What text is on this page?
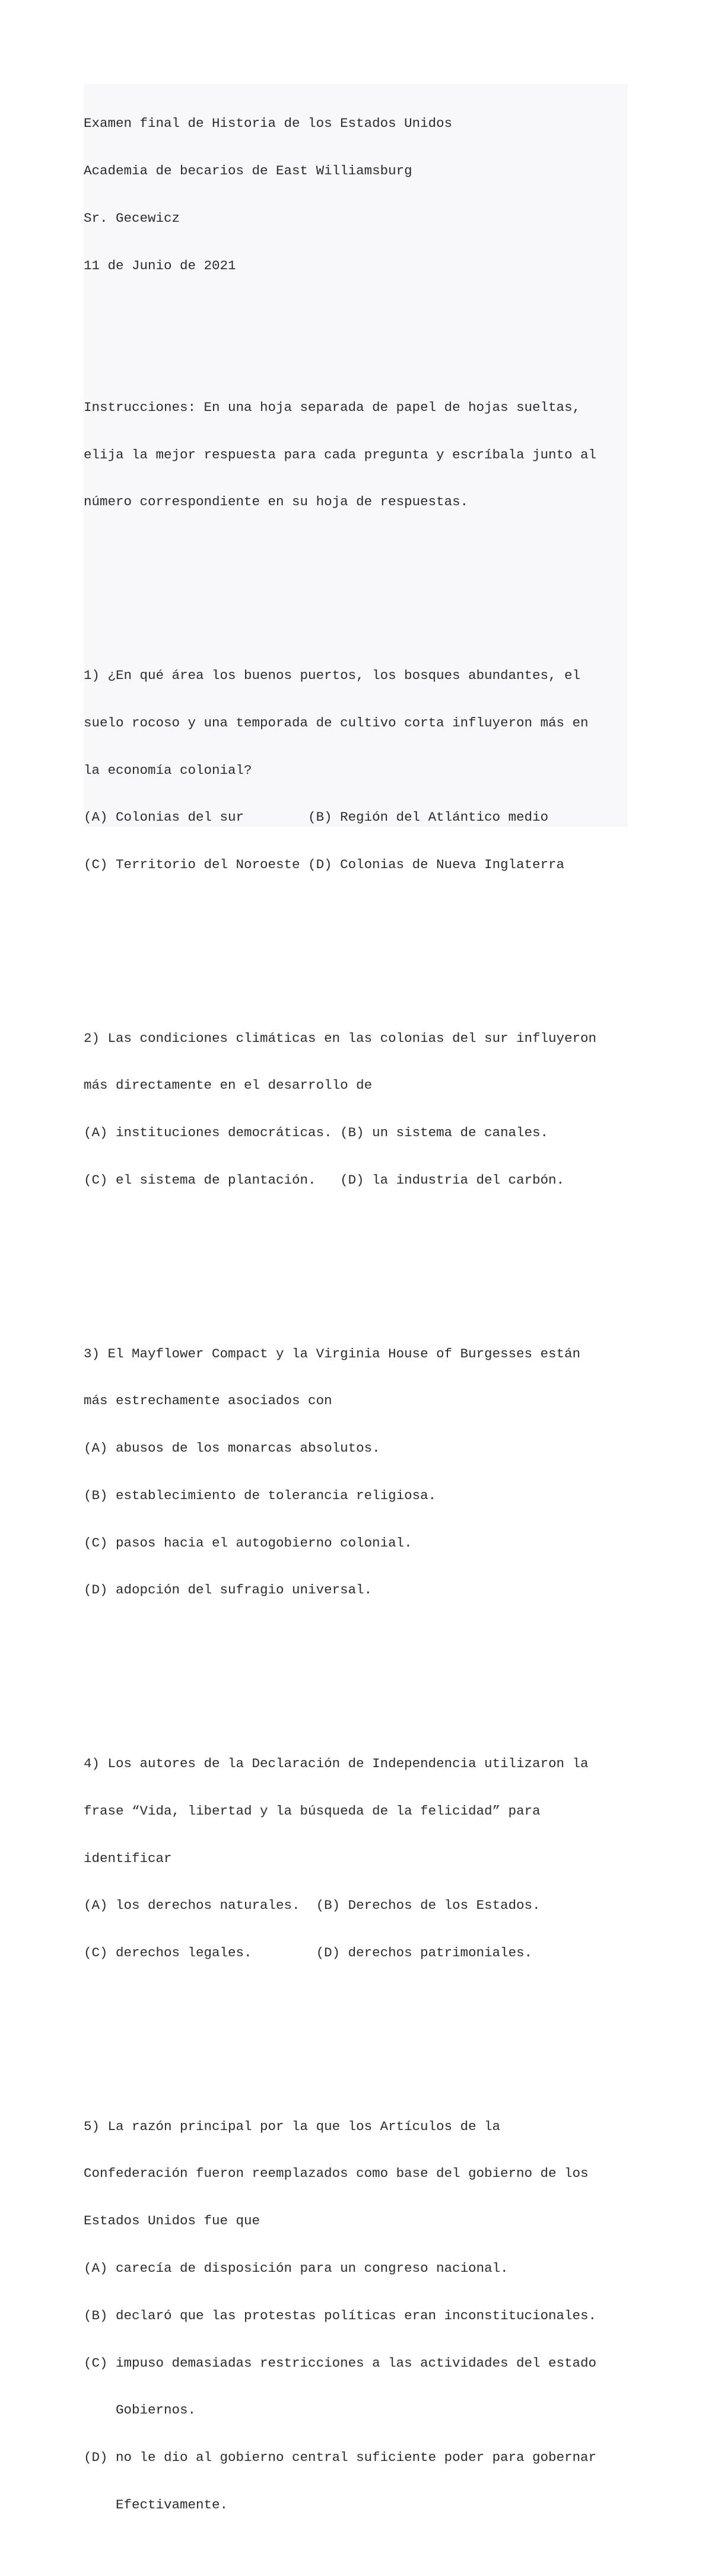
Examen final de Historia de los Estados Unidos

Academia de becarios de East Williamsburg

Sr. Gecewicz

11 de Junio de 2021

Instrucciones: En una hoja separada de papel de hojas sueltas,

elija la mejor respuesta para cada pregunta y escríbala junto al

número correspondiente en su hoja de respuestas.

1) ¿En qué área los buenos puertos, los bosques abundantes, el

suelo rocoso y una temporada de cultivo corta influyeron más en

la economía colonial?

(A) Colonias del sur        (B) Región del Atlántico medio

(C) Territorio del Noroeste (D) Colonias de Nueva Inglaterra

2) Las condiciones climáticas en las colonias del sur influyeron

más directamente en el desarrollo de

(A) instituciones democráticas. (B) un sistema de canales.

(C) el sistema de plantación.   (D) la industria del carbón.

3) El Mayflower Compact y la Virginia House of Burgesses están

más estrechamente asociados con

(A) abusos de los monarcas absolutos.

(B) establecimiento de tolerancia religiosa.

(C) pasos hacia el autogobierno colonial.

(D) adopción del sufragio universal.

4) Los autores de la Declaración de Independencia utilizaron la

frase “Vida, libertad y la búsqueda de la felicidad” para

identificar

(A) los derechos naturales.  (B) Derechos de los Estados.

(C) derechos legales.        (D) derechos patrimoniales.

5) La razón principal por la que los Artículos de la

Confederación fueron reemplazados como base del gobierno de los

Estados Unidos fue que

(A) carecía de disposición para un congreso nacional.

(B) declaró que las protestas políticas eran inconstitucionales.

(C) impuso demasiadas restricciones a las actividades del estado

Gobiernos.

(D) no le dio al gobierno central suficiente poder para gobernar

Efectivamente.
